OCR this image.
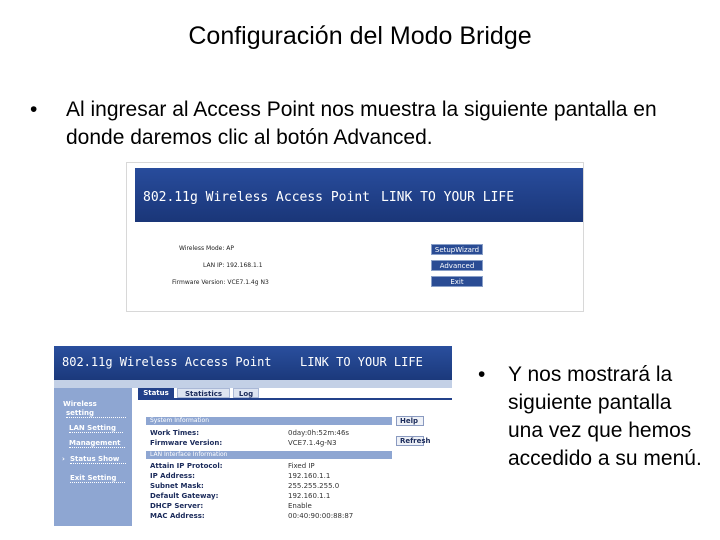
Configuración del Modo Bridge
• Al ingresar al Access Point nos muestra la siguiente pantalla en donde daremos clic al botón Advanced.
802.11g Wireless Access Point LINK TO YOUR LIFE
Wireless Mode: AP
LAN IP: 192.168.1.1
Firmware Version: VCE7.1.4g N3
SetupWizard
Advanced
Exit
802.11g Wireless Access Point LINK TO YOUR LIFE
Wireless
setting
LAN Setting
Management
› Status Show
Exit Setting
Status	Statistics	Log
System Information	Help
Refresh
Work Times:	0day:0h:52m:46s
Firmware Version:	VCE7.1.4g-N3
LAN Interface Information
Attain IP Protocol:	Fixed IP
IP Address:	192.160.1.1
Subnet Mask:	255.255.255.0
Default Gateway:	192.160.1.1
DHCP Server:	Enable
MAC Address:	00:40:90:00:88:87
• Y nos mostrará la siguiente pantalla una vez que hemos accedido a su menú.
